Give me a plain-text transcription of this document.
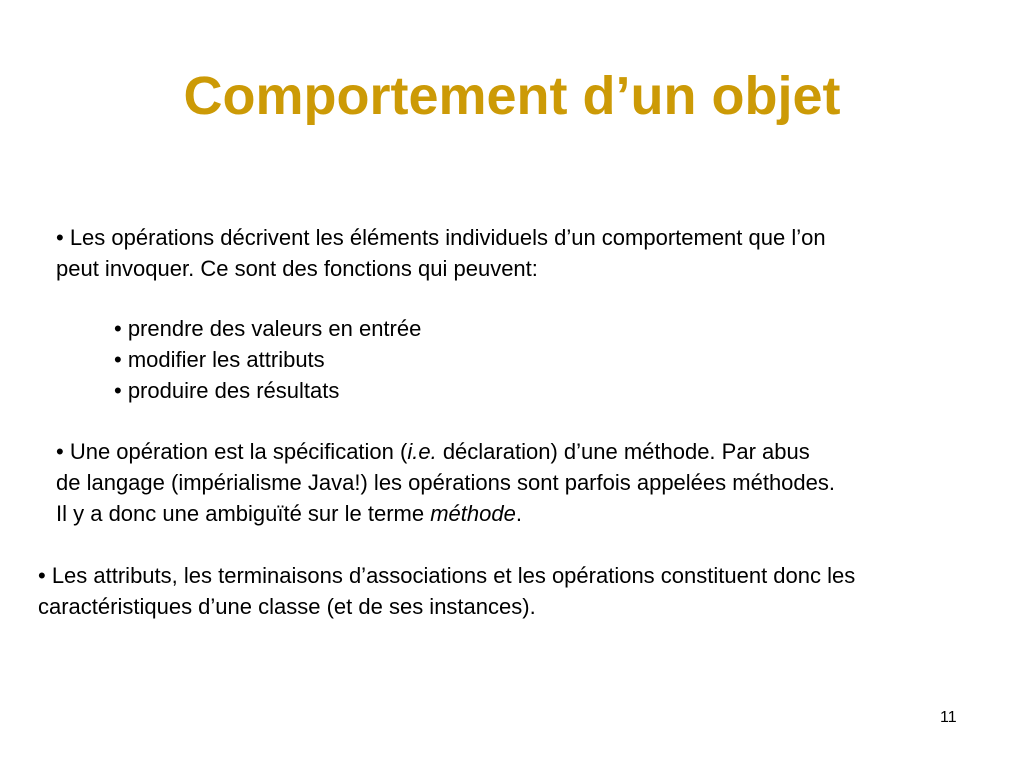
Comportement d’un objet
• Les opérations décrivent les éléments individuels d’un comportement que l’on
peut invoquer. Ce sont des fonctions qui peuvent:
• prendre des valeurs en entrée
• modifier les attributs
• produire des résultats
• Une opération est la spécification (i.e. déclaration) d’une méthode. Par abus
de langage (impérialisme Java!) les opérations sont parfois appelées méthodes.
Il y a donc une ambiguïté sur le terme méthode.
• Les attributs, les terminaisons d’associations et les opérations constituent donc les
caractéristiques d’une classe (et de ses instances).
11
